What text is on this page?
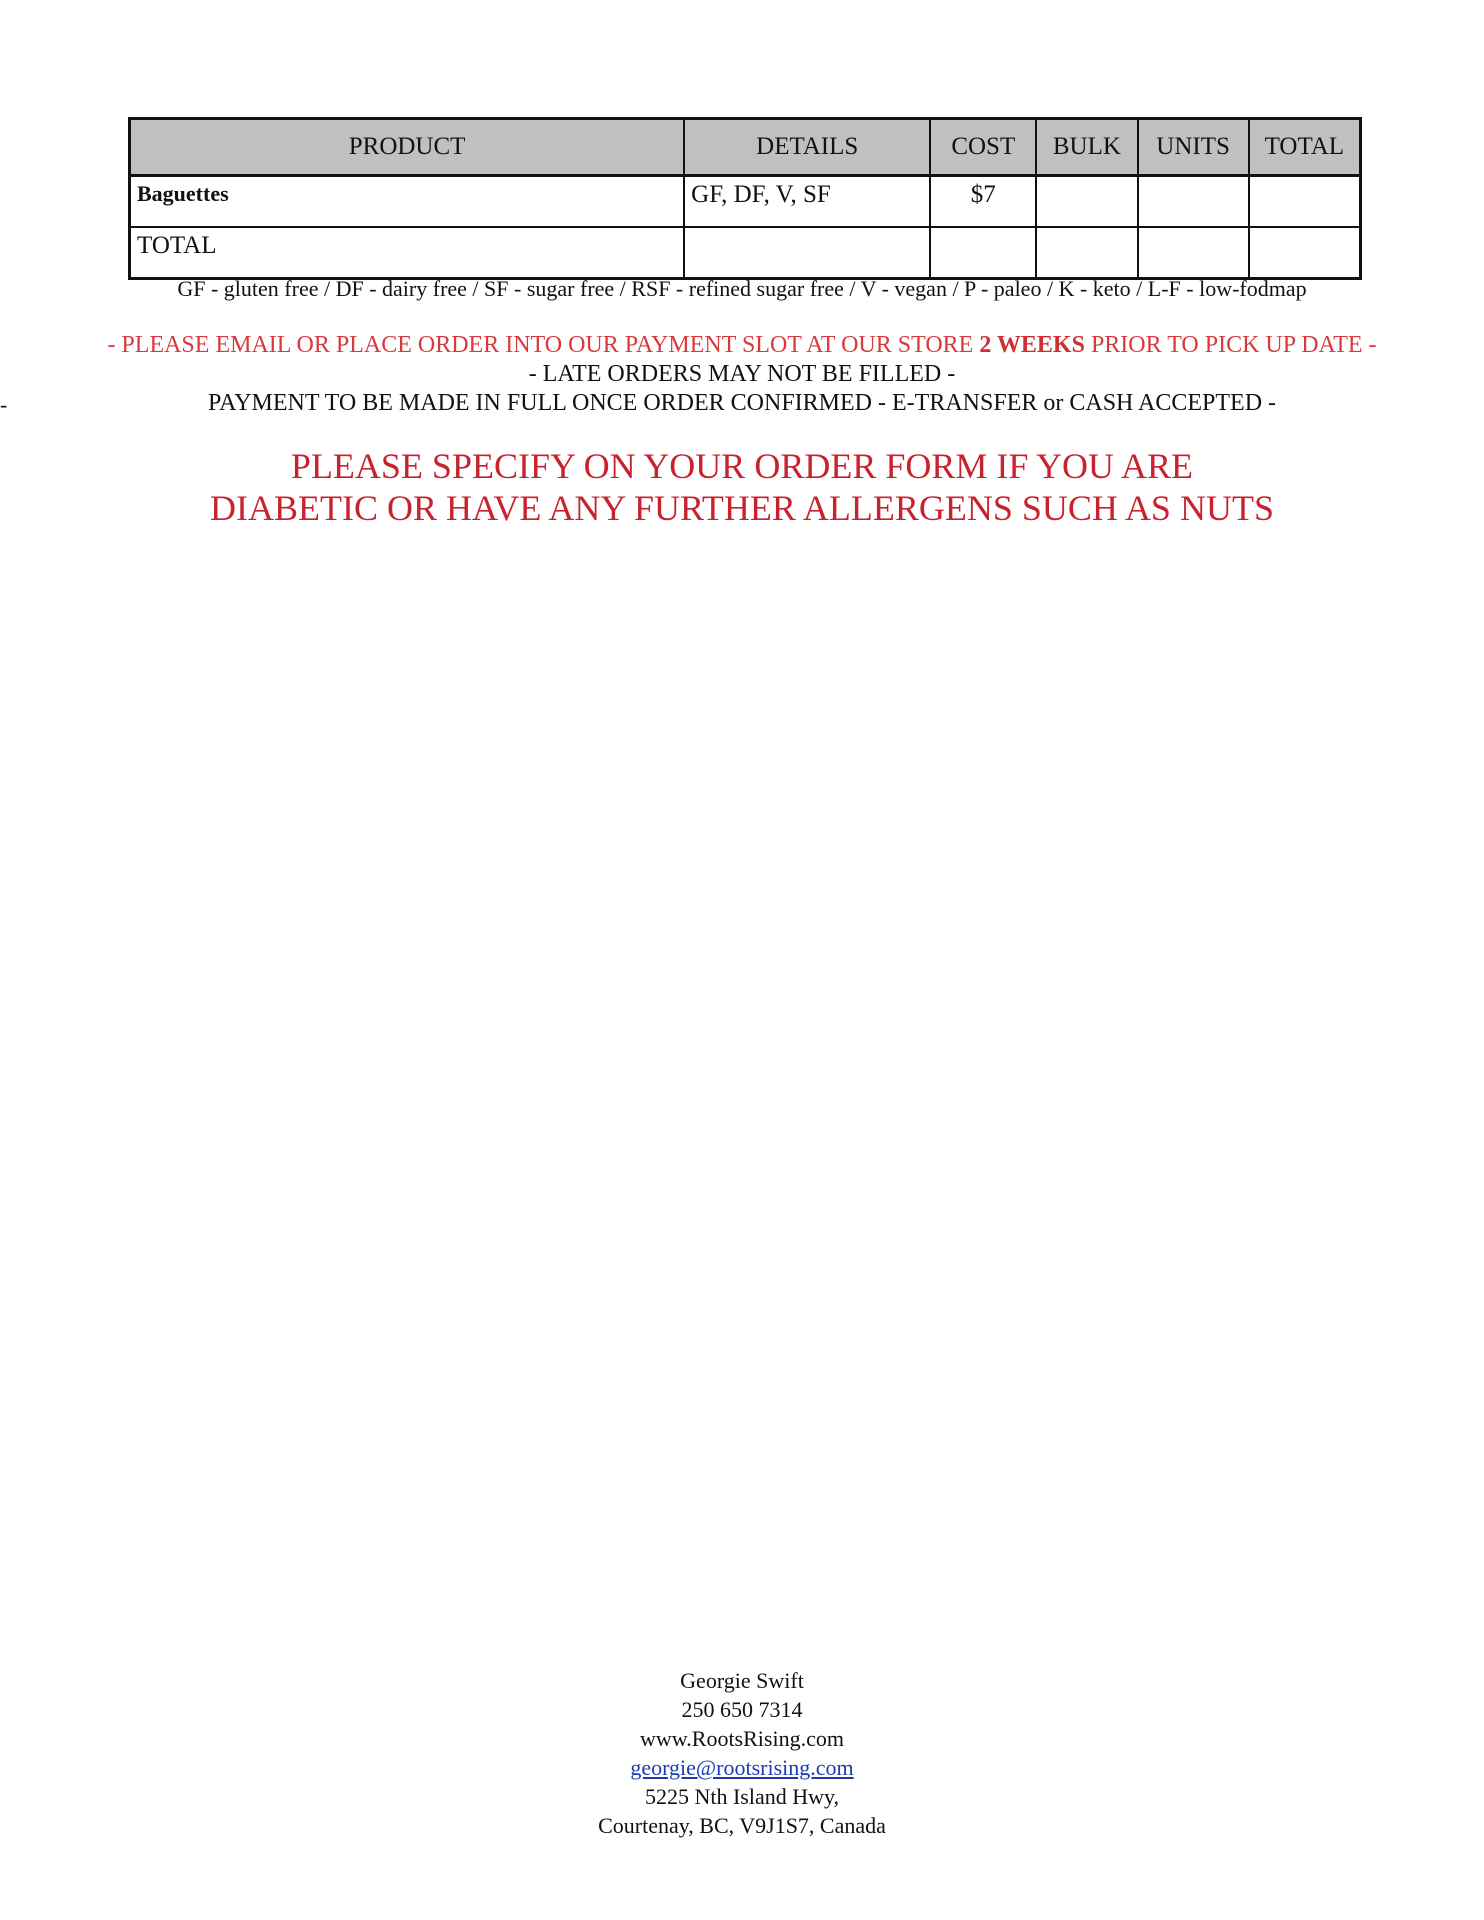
PRODUCT	DETAILS	COST	BULK	UNITS	TOTAL
Baguettes	GF, DF, V, SF	$7			
TOTAL					
GF - gluten free / DF - dairy free / SF - sugar free / RSF - refined sugar free / V - vegan / P - paleo / K - keto / L-F - low-fodmap
- PLEASE EMAIL OR PLACE ORDER INTO OUR PAYMENT SLOT AT OUR STORE 2 WEEKS PRIOR TO PICK UP DATE -
- LATE ORDERS MAY NOT BE FILLED -
-	PAYMENT TO BE MADE IN FULL ONCE ORDER CONFIRMED - E-TRANSFER or CASH ACCEPTED -
PLEASE SPECIFY ON YOUR ORDER FORM IF YOU ARE
DIABETIC OR HAVE ANY FURTHER ALLERGENS SUCH AS NUTS
Georgie Swift
250 650 7314
www.RootsRising.com
georgie@rootsrising.com
5225 Nth Island Hwy,
Courtenay, BC, V9J1S7, Canada
